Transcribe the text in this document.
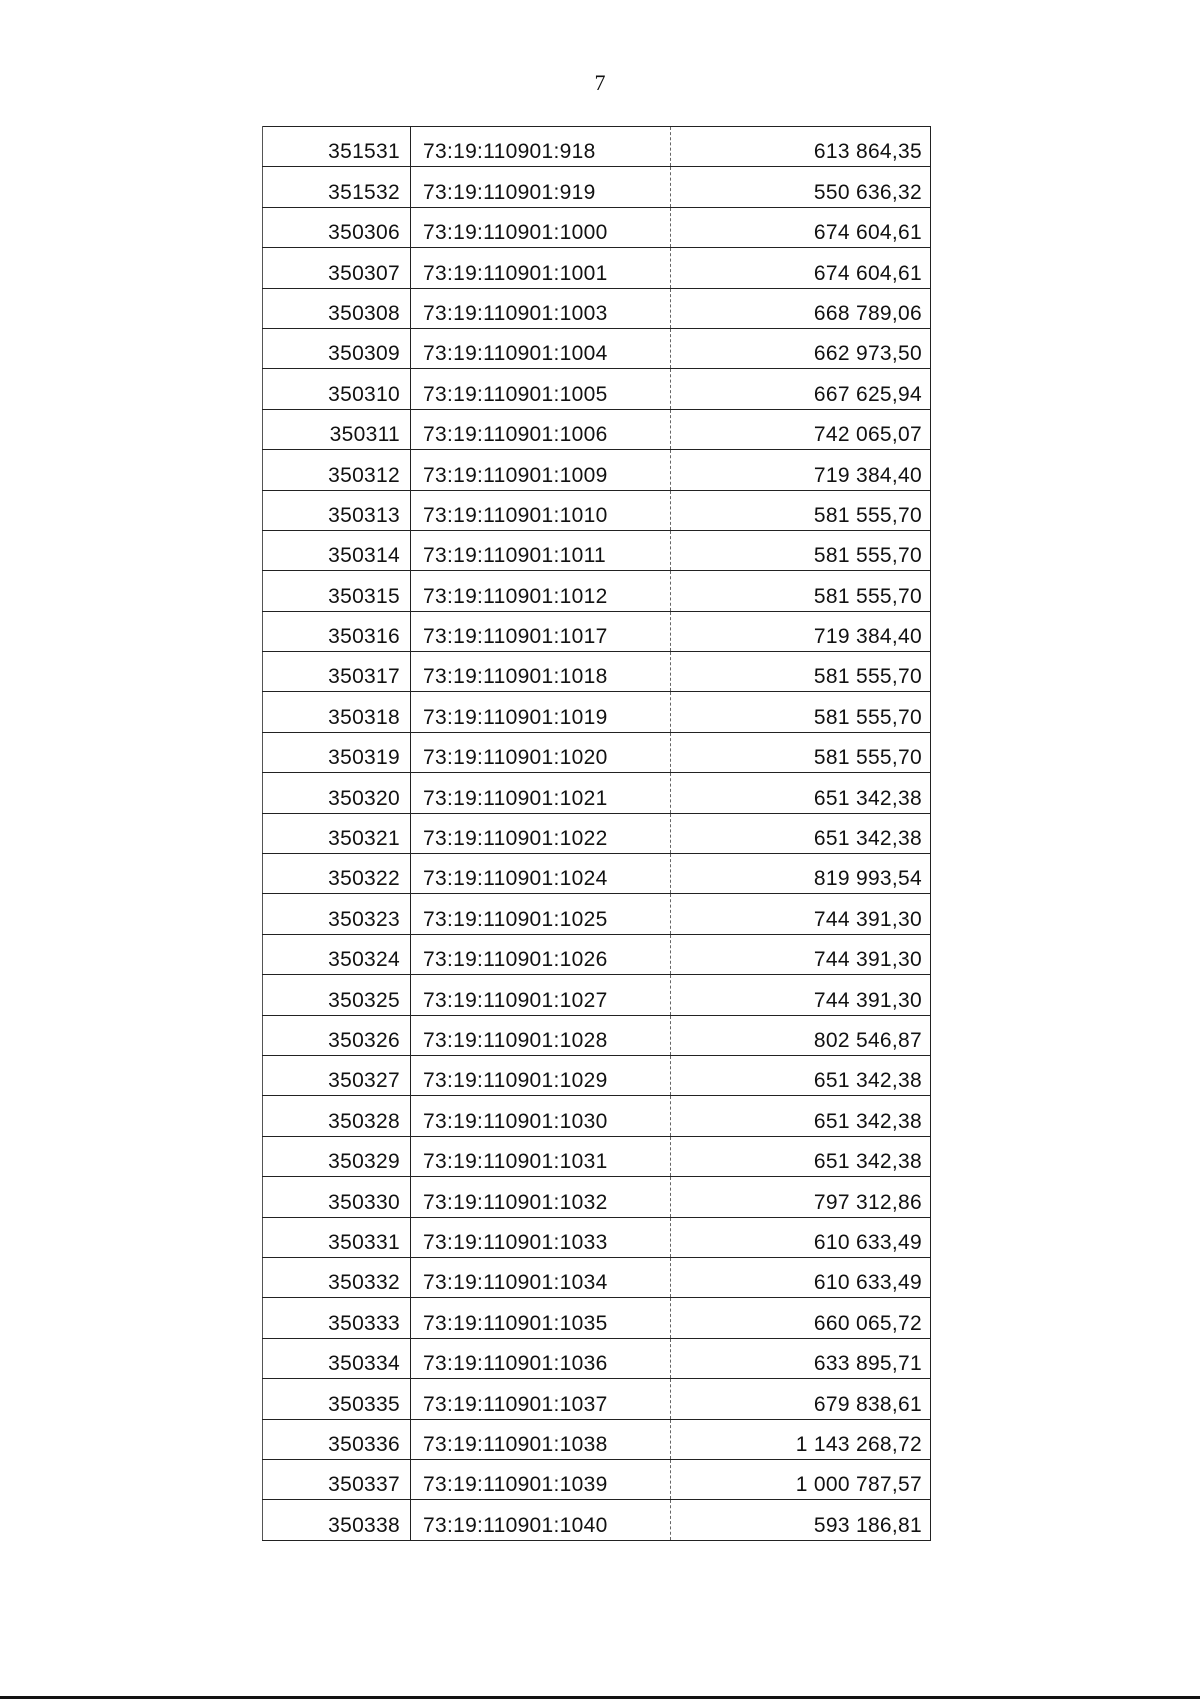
7
351531	73:19:110901:918	613 864,35
351532	73:19:110901:919	550 636,32
350306	73:19:110901:1000	674 604,61
350307	73:19:110901:1001	674 604,61
350308	73:19:110901:1003	668 789,06
350309	73:19:110901:1004	662 973,50
350310	73:19:110901:1005	667 625,94
350311	73:19:110901:1006	742 065,07
350312	73:19:110901:1009	719 384,40
350313	73:19:110901:1010	581 555,70
350314	73:19:110901:1011	581 555,70
350315	73:19:110901:1012	581 555,70
350316	73:19:110901:1017	719 384,40
350317	73:19:110901:1018	581 555,70
350318	73:19:110901:1019	581 555,70
350319	73:19:110901:1020	581 555,70
350320	73:19:110901:1021	651 342,38
350321	73:19:110901:1022	651 342,38
350322	73:19:110901:1024	819 993,54
350323	73:19:110901:1025	744 391,30
350324	73:19:110901:1026	744 391,30
350325	73:19:110901:1027	744 391,30
350326	73:19:110901:1028	802 546,87
350327	73:19:110901:1029	651 342,38
350328	73:19:110901:1030	651 342,38
350329	73:19:110901:1031	651 342,38
350330	73:19:110901:1032	797 312,86
350331	73:19:110901:1033	610 633,49
350332	73:19:110901:1034	610 633,49
350333	73:19:110901:1035	660 065,72
350334	73:19:110901:1036	633 895,71
350335	73:19:110901:1037	679 838,61
350336	73:19:110901:1038	1 143 268,72
350337	73:19:110901:1039	1 000 787,57
350338	73:19:110901:1040	593 186,81
